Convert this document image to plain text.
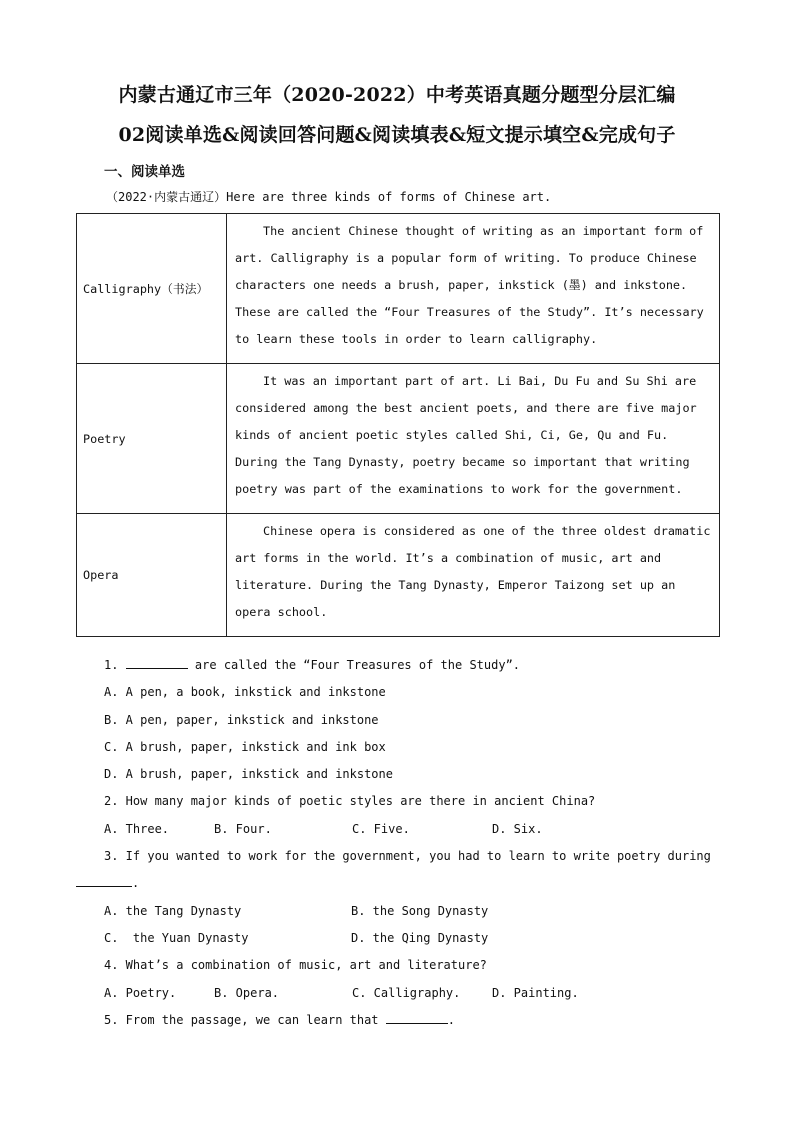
内蒙古通辽市三年（2020-2022）中考英语真题分题型分层汇编
02阅读单选&阅读回答问题&阅读填表&短文提示填空&完成句子
一、阅读单选
（2022·内蒙古通辽）Here are three kinds of forms of Chinese art.
Calligraphy（书法）	The ancient Chinese thought of writing as an important form of art. Calligraphy is a popular form of writing. To produce Chinese characters one needs a brush, paper, inkstick (墨) and inkstone. These are called the “Four Treasures of the Study”. It’s necessary to learn these tools in order to learn calligraphy.

Poetry	It was an important part of art. Li Bai, Du Fu and Su Shi are considered among the best ancient poets, and there are five major kinds of ancient poetic styles called Shi, Ci, Ge, Qu and Fu. During the Tang Dynasty, poetry became so important that writing poetry was part of the examinations to work for the government.

Opera	Chinese opera is considered as one of the three oldest dramatic art forms in the world. It’s a combination of music, art and literature. During the Tang Dynasty, Emperor Taizong set up an opera school.

1.	are called the “Four Treasures of the Study”.
A. A pen, a book, inkstick and inkstone
B. A pen, paper, inkstick and inkstone
C. A brush, paper, inkstick and ink box
D. A brush, paper, inkstick and inkstone
2. How many major kinds of poetic styles are there in ancient China?
A. Three.	B. Four.	C. Five.	D. Six.
3. If you wanted to work for the government, you had to learn to write poetry during
.
A. the Tang Dynasty	B. the Song Dynasty
C.  the Yuan Dynasty	D. the Qing Dynasty
4. What’s a combination of music, art and literature?
A. Poetry.	B. Opera.	C. Calligraphy.	D. Painting.
5. From the passage, we can learn that	.
